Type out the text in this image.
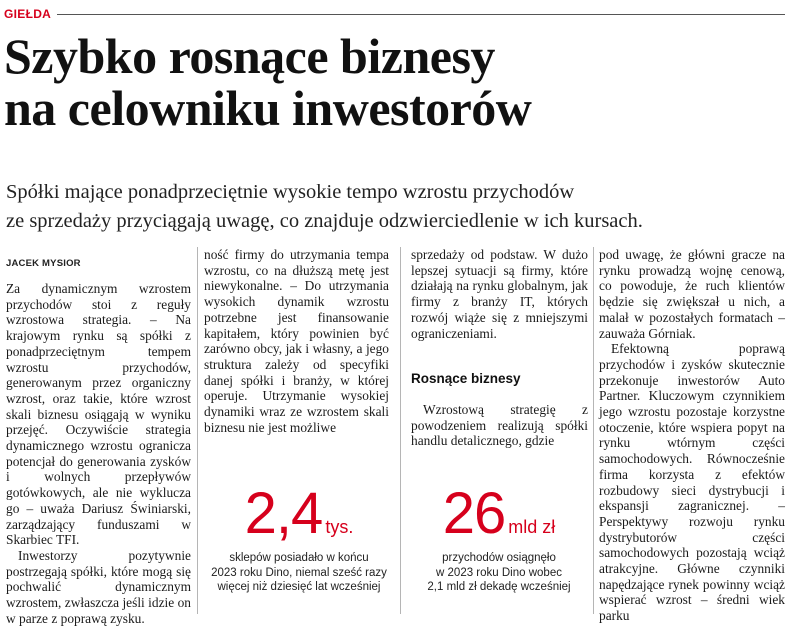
GIEŁDA
Szybko rosnące biznesy
na celowniku inwestorów

Spółki mające ponadprzeciętnie wysokie tempo wzrostu przychodów
ze sprzedaży przyciągają uwagę, co znajduje odzwierciedlenie w ich kursach.

JACEK MYSIOR

Za dynamicznym wzrostem przychodów stoi z reguły wzrostowa strategia. – Na krajowym rynku są spółki z ponadprzeciętnym tempem wzrostu przychodów, generowanym przez organiczny wzrost, oraz takie, które wzrost skali biznesu osiągają w wyniku przejęć. Oczywiście strategia dynamicznego wzrostu ogranicza potencjał do generowania zysków i wolnych przepływów gotówkowych, ale nie wyklucza go – uważa Dariusz Świniarski, zarządzający funduszami w Skarbiec TFI.

Inwestorzy pozytywnie postrzegają spółki, które mogą się pochwalić dynamicznym wzrostem, zwłaszcza jeśli idzie on w parze z poprawą zysku.

ność firmy do utrzymania tempa wzrostu, co na dłuższą metę jest niewykonalne. – Do utrzymania wysokich dynamik wzrostu potrzebne jest finansowanie kapitałem, który powinien być zarówno obcy, jak i własny, a jego struktura zależy od specyfiki danej spółki i branży, w której operuje. Utrzymanie wysokiej dynamiki wraz ze wzrostem skali biznesu nie jest możliwe

sprzedaży od podstaw. W dużo lepszej sytuacji są firmy, które działają na rynku globalnym, jak firmy z branży IT, których rozwój wiąże się z mniejszymi ograniczeniami.

Rosnące biznesy

Wzrostową strategię z powodzeniem realizują spółki handlu detalicznego, gdzie

pod uwagę, że główni gracze na rynku prowadzą wojnę cenową, co powoduje, że ruch klientów będzie się zwiększał u nich, a malał w pozostałych formatach – zauważa Górniak.

Efektowną poprawą przychodów i zysków skutecznie przekonuje inwestorów Auto Partner. Kluczowym czynnikiem jego wzrostu pozostaje korzystne otoczenie, które wspiera popyt na rynku wtórnym części samochodowych. Równocześnie firma korzysta z efektów rozbudowy sieci dystrybucji i ekspansji zagranicznej. – Perspektywy rozwoju rynku dystrybutorów części samochodowych pozostają wciąż atrakcyjne. Główne czynniki napędzające rynek powinny wciąż wspierać wzrost – średni wiek parku

2,4 tys.
sklepów posiadało w końcu
2023 roku Dino, niemal sześć razy
więcej niż dziesięć lat wcześniej
26 mld zł
przychodów osiągnęło
w 2023 roku Dino wobec
2,1 mld zł dekadę wcześniej
